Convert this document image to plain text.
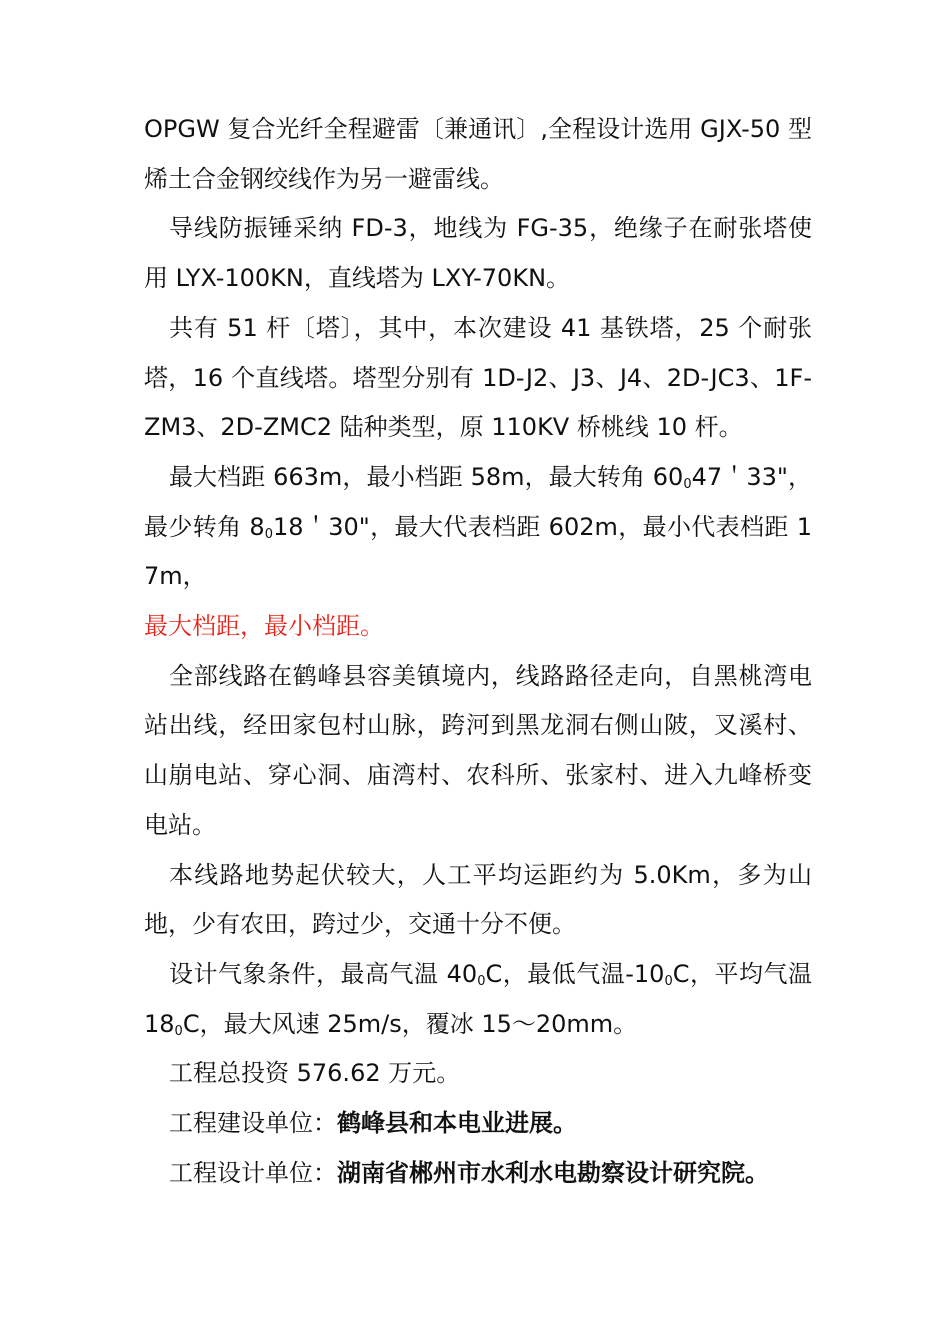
OPGW 复合光纤全程避雷〔兼通讯〕,全程设计选用 GJX-50 型烯土合金钢绞线作为另一避雷线。

导线防振锤采纳 FD-3，地线为 FG-35，绝缘子在耐张塔使用 LYX-100KN，直线塔为 LXY-70KN。

共有 51 杆〔塔〕，其中，本次建设 41 基铁塔，25 个耐张塔，16 个直线塔。塔型分别有 1D-J2、J3、J4、2D-JC3、1F-ZM3、2D-ZMC2 陆种类型，原 110KV 桥桃线 10 杆。

最大档距 663m，最小档距 58m，最大转角 $60_047$＇33"，最少转角 $8_018$＇30"，最大代表档距 602m，最小代表档距 17m，

最大档距，最小档距。

全部线路在鹤峰县容美镇境内，线路路径走向，自黑桃湾电站出线，经田家包村山脉，跨河到黑龙洞右侧山陂，叉溪村、山崩电站、穿心洞、庙湾村、农科所、张家村、进入九峰桥变电站。

本线路地势起伏较大，人工平均运距约为 5.0Km，多为山地，少有农田，跨过少，交通十分不便。

设计气象条件，最高气温 $40_0C$，最低气温$-10_0C$，平均气温 $18_0C$，最大风速 25m/s，覆冰 15～20mm。

工程总投资 576.62 万元。

工程建设单位：鹤峰县和本电业进展。

工程设计单位：湖南省郴州市水利水电勘察设计研究院。
